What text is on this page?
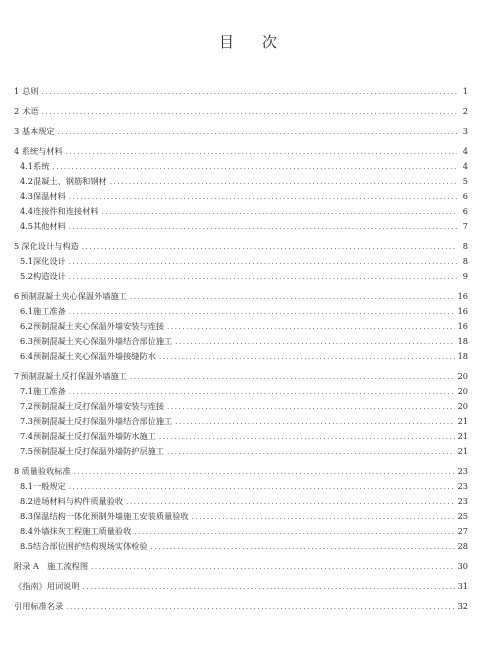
目 次
1 总则 .....	1
2 术语 .....	2
3 基本规定 .....	3
4 系统与材料 .....	4
4.1 系统 .....	4
4.2 混凝土、钢筋和钢材 .....	5
4.3 保温材料 .....	6
4.4 连接件和连接材料 .....	6
4.5 其他材料 .....	7
5 深化设计与构造 .....	8
5.1 深化设计 .....	8
5.2 构造设计 .....	9
6 预制混凝土夹心保温外墙施工 .....	16
6.1 施工准备 .....	16
6.2 预制混凝土夹心保温外墙安装与连接 .....	16
6.3 预制混凝土夹心保温外墙结合部位施工 .....	18
6.4 预制混凝土夹心保温外墙接缝防水 .....	18
7 预制混凝土反打保温外墙施工 .....	20
7.1 施工准备 .....	20
7.2 预制混凝土反打保温外墙安装与连接 .....	20
7.3 预制混凝土反打保温外墙结合部位施工 .....	21
7.4 预制混凝土反打保温外墙防水施工 .....	21
7.5 预制混凝土反打保温外墙防护层施工 .....	21
8 质量验收标准 .....	23
8.1 一般规定 .....	23
8.2 进场材料与构件质量验收 .....	23
8.3 保温结构一体化预制外墙施工安装质量验收 .....	25
8.4 外墙抹灰工程施工质量验收 .....	27
8.5 结合部位围护结构现场实体检验 .....	28
附录 A　施工流程图 .....	30
《指南》用词说明 .....	31
引用标准名录 .....	32
